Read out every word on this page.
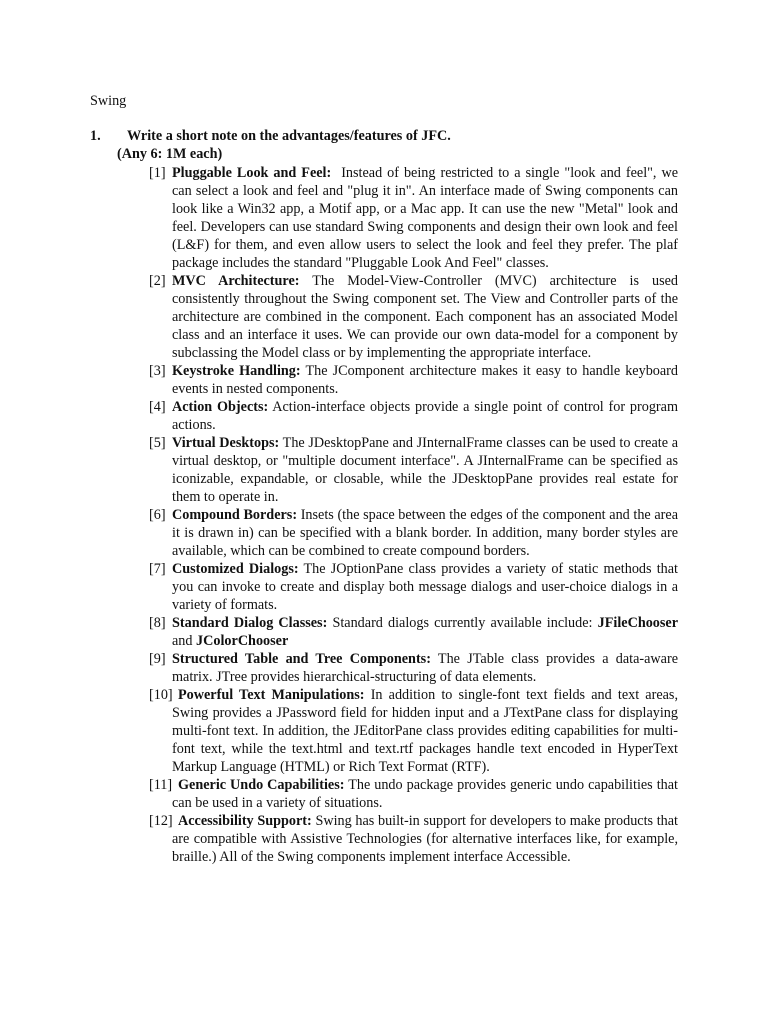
Swing
1.	Write a short note on the advantages/features of JFC.
(Any 6: 1M each)
[1] Pluggable Look and Feel: Instead of being restricted to a single "look and feel", we can select a look and feel and "plug it in". An interface made of Swing components can look like a Win32 app, a Motif app, or a Mac app. It can use the new "Metal" look and feel. Developers can use standard Swing components and design their own look and feel (L&F) for them, and even allow users to select the look and feel they prefer. The plaf package includes the standard "Pluggable Look And Feel" classes.
[2] MVC Architecture: The Model-View-Controller (MVC) architecture is used consistently throughout the Swing component set. The View and Controller parts of the architecture are combined in the component. Each component has an associated Model class and an interface it uses. We can provide our own data-model for a component by subclassing the Model class or by implementing the appropriate interface.
[3] Keystroke Handling: The JComponent architecture makes it easy to handle keyboard events in nested components.
[4] Action Objects: Action-interface objects provide a single point of control for program actions.
[5] Virtual Desktops: The JDesktopPane and JInternalFrame classes can be used to create a virtual desktop, or "multiple document interface". A JInternalFrame can be specified as iconizable, expandable, or closable, while the JDesktopPane provides real estate for them to operate in.
[6] Compound Borders: Insets (the space between the edges of the component and the area it is drawn in) can be specified with a blank border. In addition, many border styles are available, which can be combined to create compound borders.
[7] Customized Dialogs: The JOptionPane class provides a variety of static methods that you can invoke to create and display both message dialogs and user-choice dialogs in a variety of formats.
[8] Standard Dialog Classes: Standard dialogs currently available include: JFileChooser and JColorChooser
[9] Structured Table and Tree Components: The JTable class provides a data-aware matrix. JTree provides hierarchical-structuring of data elements.
[10] Powerful Text Manipulations: In addition to single-font text fields and text areas, Swing provides a JPassword field for hidden input and a JTextPane class for displaying multi-font text. In addition, the JEditorPane class provides editing capabilities for multi-font text, while the text.html and text.rtf packages handle text encoded in HyperText Markup Language (HTML) or Rich Text Format (RTF).
[11] Generic Undo Capabilities: The undo package provides generic undo capabilities that can be used in a variety of situations.
[12] Accessibility Support: Swing has built-in support for developers to make products that are compatible with Assistive Technologies (for alternative interfaces like, for example, braille.) All of the Swing components implement interface Accessible.
